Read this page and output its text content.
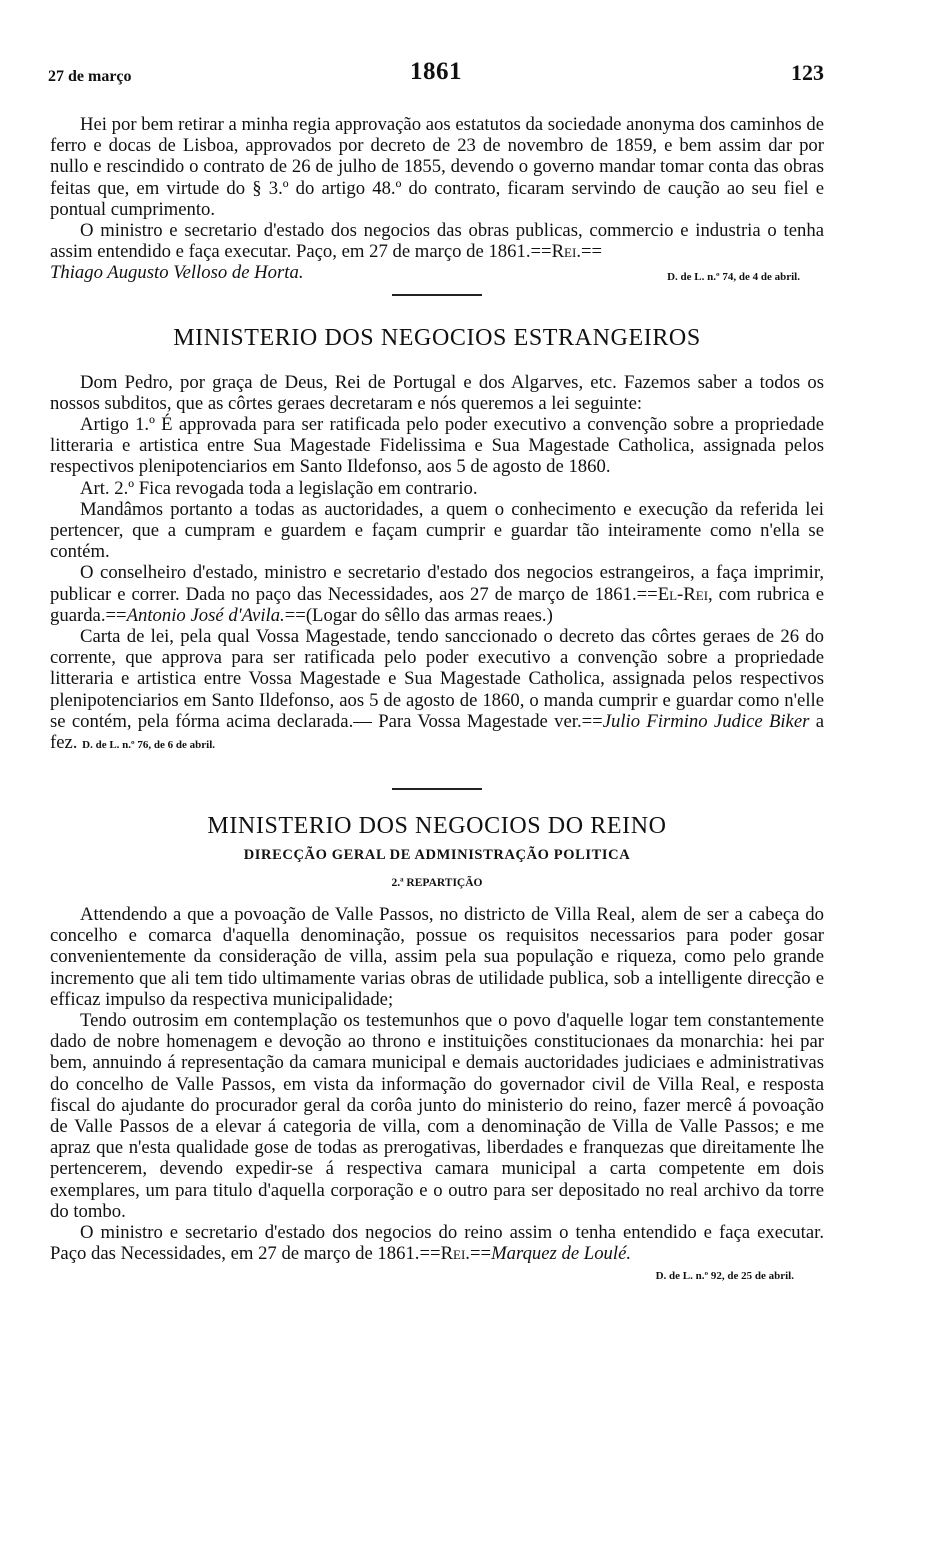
27 de março	1861	123

Hei por bem retirar a minha regia approvação aos estatutos da sociedade anonyma dos caminhos de ferro e docas de Lisboa, approvados por decreto de 23 de novembro de 1859, e bem assim dar por nullo e rescindido o contrato de 26 de julho de 1855, devendo o governo mandar tomar conta das obras feitas que, em virtude do § 3.º do artigo 48.º do contrato, ficaram servindo de caução ao seu fiel e pontual cumprimento.

O ministro e secretario d'estado dos negocios das obras publicas, commercio e industria o tenha assim entendido e faça executar. Paço, em 27 de março de 1861.==Rei.==

Thiago Augusto Velloso de Horta.	D. de L. n.º 74, de 4 de abril.
MINISTERIO DOS NEGOCIOS ESTRANGEIROS

Dom Pedro, por graça de Deus, Rei de Portugal e dos Algarves, etc. Fazemos saber a todos os nossos subditos, que as côrtes geraes decretaram e nós queremos a lei seguinte:

Artigo 1.º É approvada para ser ratificada pelo poder executivo a convenção sobre a propriedade litteraria e artistica entre Sua Magestade Fidelissima e Sua Magestade Catholica, assignada pelos respectivos plenipotenciarios em Santo Ildefonso, aos 5 de agosto de 1860.

Art. 2.º Fica revogada toda a legislação em contrario.

Mandâmos portanto a todas as auctoridades, a quem o conhecimento e execução da referida lei pertencer, que a cumpram e guardem e façam cumprir e guardar tão inteiramente como n'ella se contém.

O conselheiro d'estado, ministro e secretario d'estado dos negocios estrangeiros, a faça imprimir, publicar e correr. Dada no paço das Necessidades, aos 27 de março de 1861.==El-Rei, com rubrica e guarda.==Antonio José d'Avila.==(Logar do sêllo das armas reaes.)

Carta de lei, pela qual Vossa Magestade, tendo sanccionado o decreto das côrtes geraes de 26 do corrente, que approva para ser ratificada pelo poder executivo a convenção sobre a propriedade litteraria e artistica entre Vossa Magestade e Sua Magestade Catholica, assignada pelos respectivos plenipotenciarios em Santo Ildefonso, aos 5 de agosto de 1860, o manda cumprir e guardar como n'elle se contém, pela fórma acima declarada.— Para Vossa Magestade ver.==Julio Firmino Judice Biker a fez. D. de L. n.º 76, de 6 de abril.

MINISTERIO DOS NEGOCIOS DO REINO
DIRECÇÃO GERAL DE ADMINISTRAÇÃO POLITICA
2.ª REPARTIÇÃO

Attendendo a que a povoação de Valle Passos, no districto de Villa Real, alem de ser a cabeça do concelho e comarca d'aquella denominação, possue os requisitos necessarios para poder gosar convenientemente da consideração de villa, assim pela sua população e riqueza, como pelo grande incremento que ali tem tido ultimamente varias obras de utilidade publica, sob a intelligente direcção e efficaz impulso da respectiva municipalidade;

Tendo outrosim em contemplação os testemunhos que o povo d'aquelle logar tem constantemente dado de nobre homenagem e devoção ao throno e instituições constitucionaes da monarchia: hei par bem, annuindo á representação da camara municipal e demais auctoridades judiciaes e administrativas do concelho de Valle Passos, em vista da informação do governador civil de Villa Real, e resposta fiscal do ajudante do procurador geral da corôa junto do ministerio do reino, fazer mercê á povoação de Valle Passos de a elevar á categoria de villa, com a denominação de Villa de Valle Passos; e me apraz que n'esta qualidade gose de todas as prerogativas, liberdades e franquezas que direitamente lhe pertencerem, devendo expedir-se á respectiva camara municipal a carta competente em dois exemplares, um para titulo d'aquella corporação e o outro para ser depositado no real archivo da torre do tombo.

O ministro e secretario d'estado dos negocios do reino assim o tenha entendido e faça executar. Paço das Necessidades, em 27 de março de 1861.==Rei.==Marquez de Loulé.

D. de L. n.º 92, de 25 de abril.
